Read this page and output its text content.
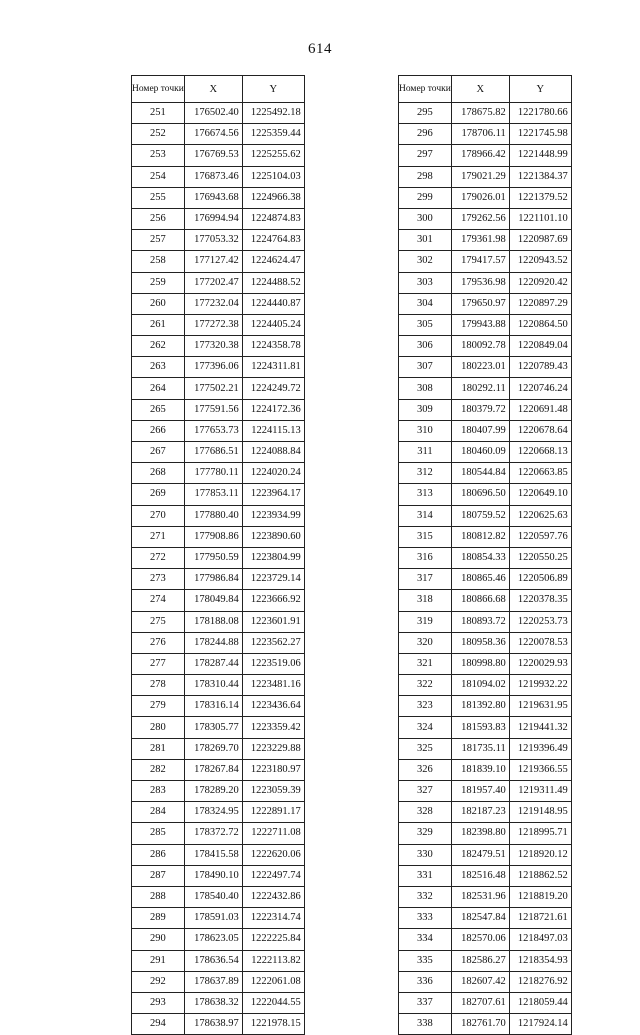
614
Номер точки	X	Y
251	176502.40	1225492.18
252	176674.56	1225359.44
253	176769.53	1225255.62
254	176873.46	1225104.03
255	176943.68	1224966.38
256	176994.94	1224874.83
257	177053.32	1224764.83
258	177127.42	1224624.47
259	177202.47	1224488.52
260	177232.04	1224440.87
261	177272.38	1224405.24
262	177320.38	1224358.78
263	177396.06	1224311.81
264	177502.21	1224249.72
265	177591.56	1224172.36
266	177653.73	1224115.13
267	177686.51	1224088.84
268	177780.11	1224020.24
269	177853.11	1223964.17
270	177880.40	1223934.99
271	177908.86	1223890.60
272	177950.59	1223804.99
273	177986.84	1223729.14
274	178049.84	1223666.92
275	178188.08	1223601.91
276	178244.88	1223562.27
277	178287.44	1223519.06
278	178310.44	1223481.16
279	178316.14	1223436.64
280	178305.77	1223359.42
281	178269.70	1223229.88
282	178267.84	1223180.97
283	178289.20	1223059.39
284	178324.95	1222891.17
285	178372.72	1222711.08
286	178415.58	1222620.06
287	178490.10	1222497.74
288	178540.40	1222432.86
289	178591.03	1222314.74
290	178623.05	1222225.84
291	178636.54	1222113.82
292	178637.89	1222061.08
293	178638.32	1222044.55
294	178638.97	1221978.15
Номер точки	X	Y
295	178675.82	1221780.66
296	178706.11	1221745.98
297	178966.42	1221448.99
298	179021.29	1221384.37
299	179026.01	1221379.52
300	179262.56	1221101.10
301	179361.98	1220987.69
302	179417.57	1220943.52
303	179536.98	1220920.42
304	179650.97	1220897.29
305	179943.88	1220864.50
306	180092.78	1220849.04
307	180223.01	1220789.43
308	180292.11	1220746.24
309	180379.72	1220691.48
310	180407.99	1220678.64
311	180460.09	1220668.13
312	180544.84	1220663.85
313	180696.50	1220649.10
314	180759.52	1220625.63
315	180812.82	1220597.76
316	180854.33	1220550.25
317	180865.46	1220506.89
318	180866.68	1220378.35
319	180893.72	1220253.73
320	180958.36	1220078.53
321	180998.80	1220029.93
322	181094.02	1219932.22
323	181392.80	1219631.95
324	181593.83	1219441.32
325	181735.11	1219396.49
326	181839.10	1219366.55
327	181957.40	1219311.49
328	182187.23	1219148.95
329	182398.80	1218995.71
330	182479.51	1218920.12
331	182516.48	1218862.52
332	182531.96	1218819.20
333	182547.84	1218721.61
334	182570.06	1218497.03
335	182586.27	1218354.93
336	182607.42	1218276.92
337	182707.61	1218059.44
338	182761.70	1217924.14
